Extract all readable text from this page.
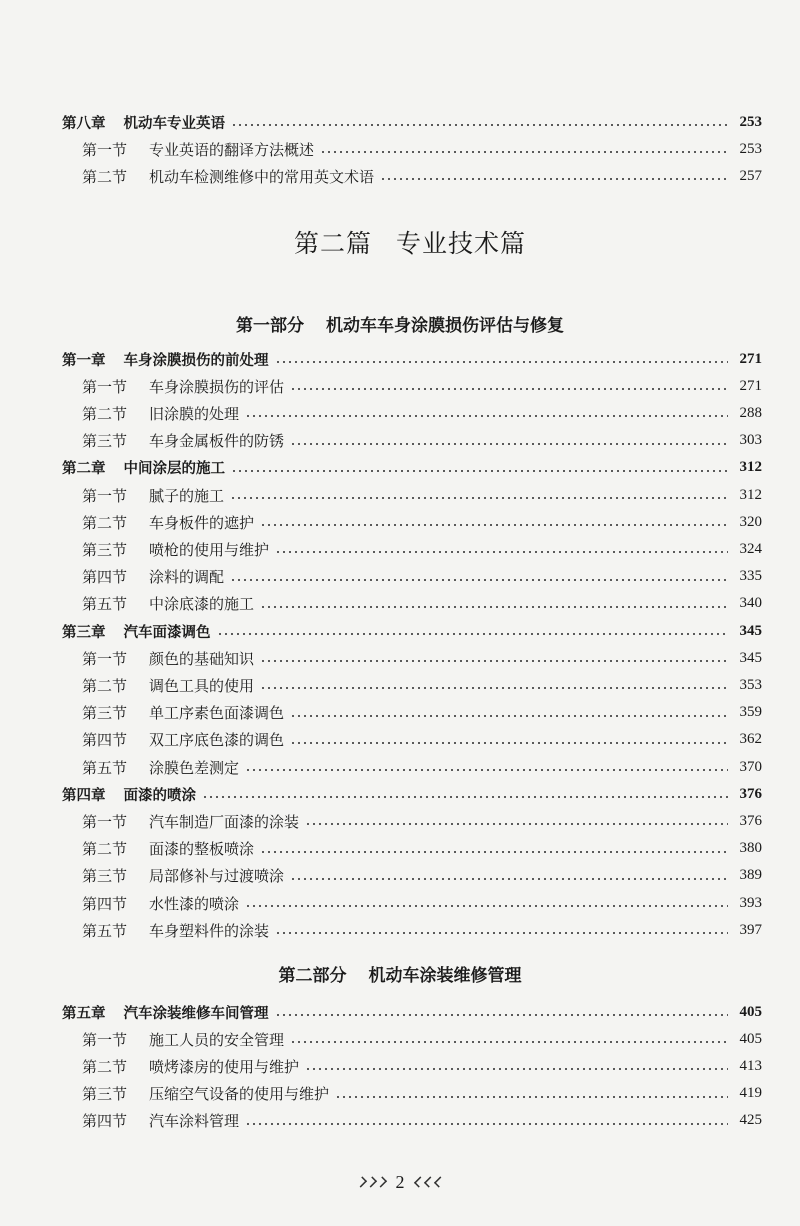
第八章 机动车专业英语	253
第一节 专业英语的翻译方法概述	253
第二节 机动车检测维修中的常用英文术语	257
第二篇 专业技术篇
第一部分 机动车车身涂膜损伤评估与修复
第一章 车身涂膜损伤的前处理	271
第一节 车身涂膜损伤的评估	271
第二节 旧涂膜的处理	288
第三节 车身金属板件的防锈	303
第二章 中间涂层的施工	312
第一节 腻子的施工	312
第二节 车身板件的遮护	320
第三节 喷枪的使用与维护	324
第四节 涂料的调配	335
第五节 中涂底漆的施工	340
第三章 汽车面漆调色	345
第一节 颜色的基础知识	345
第二节 调色工具的使用	353
第三节 单工序素色面漆调色	359
第四节 双工序底色漆的调色	362
第五节 涂膜色差测定	370
第四章 面漆的喷涂	376
第一节 汽车制造厂面漆的涂装	376
第二节 面漆的整板喷涂	380
第三节 局部修补与过渡喷涂	389
第四节 水性漆的喷涂	393
第五节 车身塑料件的涂装	397
第二部分 机动车涂装维修管理
第五章 汽车涂装维修车间管理	405
第一节 施工人员的安全管理	405
第二节 喷烤漆房的使用与维护	413
第三节 压缩空气设备的使用与维护	419
第四节 汽车涂料管理	425
2
